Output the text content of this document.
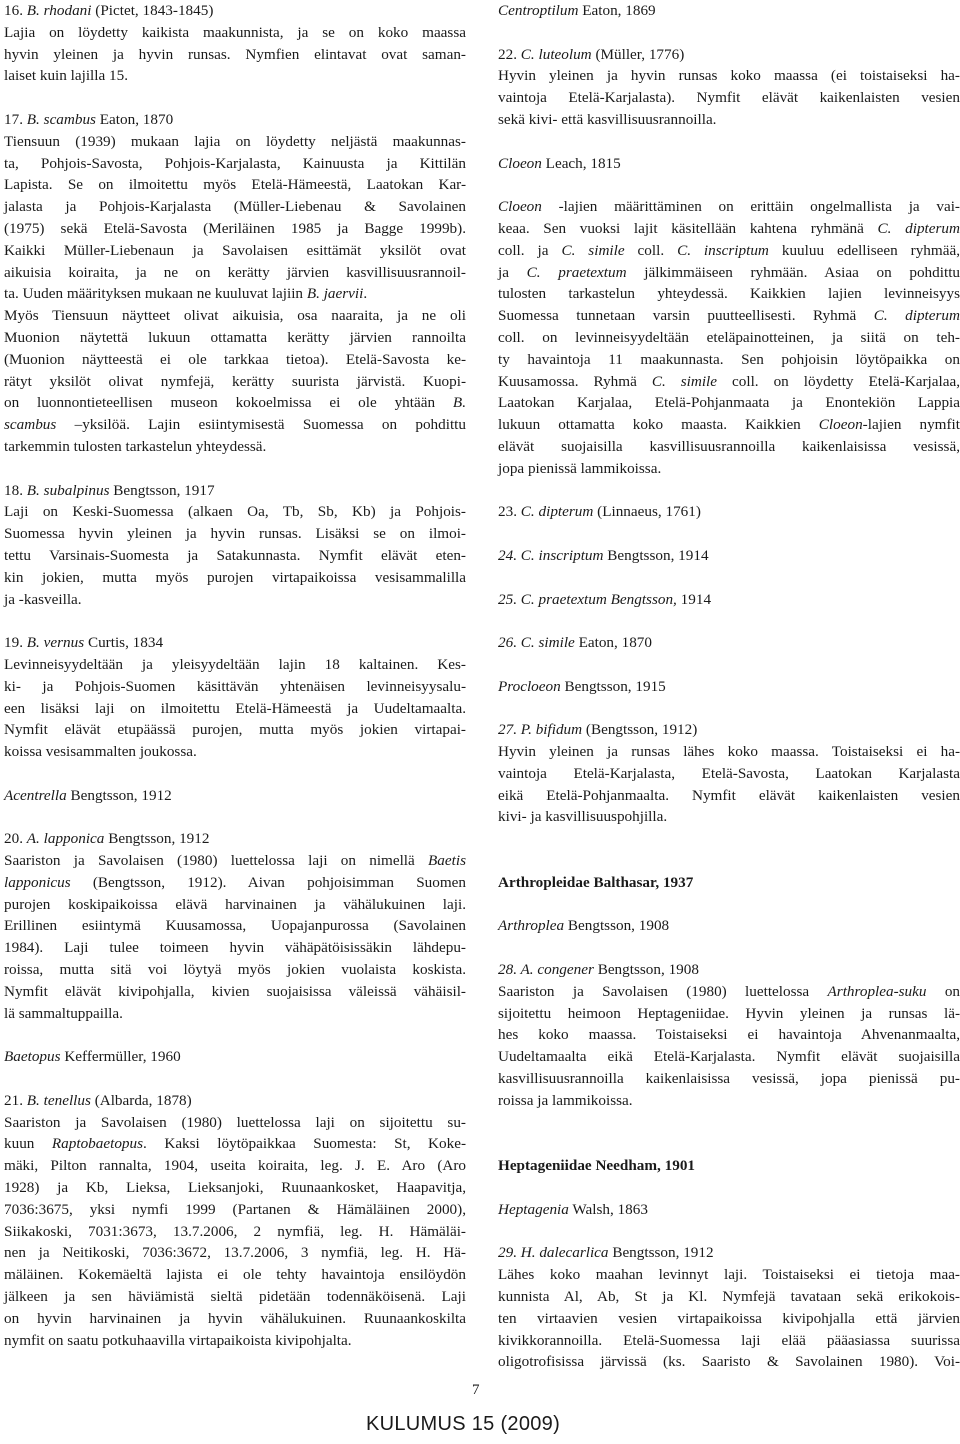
16. B. rhodani (Pictet, 1843-1845)
Lajia on löydetty kaikista maakunnista, ja se on koko maassa
hyvin yleinen ja hyvin runsas. Nymfien elintavat ovat saman-
laiset kuin lajilla 15.
17. B. scambus Eaton, 1870
Tiensuun (1939) mukaan lajia on löydetty neljästä maakunnas-
ta, Pohjois-Savosta, Pohjois-Karjalasta, Kainuusta ja Kittilän
Lapista. Se on ilmoitettu myös Etelä-Hämeestä, Laatokan Kar-
jalasta ja Pohjois-Karjalasta (Müller-Liebenau & Savolainen
(1975) sekä Etelä-Savosta (Meriläinen 1985 ja Bagge 1999b).
Kaikki Müller-Liebenaun ja Savolaisen esittämät yksilöt ovat
aikuisia koiraita, ja ne on kerätty järvien kasvillisuusrannoil-
ta. Uuden määrityksen mukaan ne kuuluvat lajiin B. jaervii.
Myös Tiensuun näytteet olivat aikuisia, osa naaraita, ja ne oli
Muonion näytettä lukuun ottamatta kerätty järvien rannoilta
(Muonion näytteestä ei ole tarkkaa tietoa). Etelä-Savosta ke-
rätyt yksilöt olivat nymfejä, kerätty suurista järvistä. Kuopi-
on luonnontieteellisen museon kokoelmissa ei ole yhtään B.
scambus –yksilöä. Lajin esiintymisestä Suomessa on pohdittu
tarkemmin tulosten tarkastelun yhteydessä.
18. B. subalpinus Bengtsson, 1917
Laji on Keski-Suomessa (alkaen Oa, Tb, Sb, Kb) ja Pohjois-
Suomessa hyvin yleinen ja hyvin runsas. Lisäksi se on ilmoi-
tettu Varsinais-Suomesta ja Satakunnasta. Nymfit elävät eten-
kin jokien, mutta myös purojen virtapaikoissa vesisammalilla
ja -kasveilla.
19. B. vernus Curtis, 1834
Levinneisyydeltään ja yleisyydeltään lajin 18 kaltainen. Kes-
ki- ja Pohjois-Suomen käsittävän yhtenäisen levinneisyysalu-
een lisäksi laji on ilmoitettu Etelä-Hämeestä ja Uudeltamaalta.
Nymfit elävät etupäässä purojen, mutta myös jokien virtapai-
koissa vesisammalten joukossa.
Acentrella Bengtsson, 1912
20. A. lapponica Bengtsson, 1912
Saariston ja Savolaisen (1980) luettelossa laji on nimellä Baetis
lapponicus (Bengtsson, 1912). Aivan pohjoisimman Suomen
purojen koskipaikoissa elävä harvinainen ja vähälukuinen laji.
Erillinen esiintymä Kuusamossa, Uopajanpurossa (Savolainen
1984). Laji tulee toimeen hyvin vähäpätöisissäkin lähdepu-
roissa, mutta sitä voi löytyä myös jokien vuolaista koskista.
Nymfit elävät kivipohjalla, kivien suojaisissa väleissä vähäisil-
lä sammaltuppailla.
Baetopus Keffermüller, 1960
21. B. tenellus (Albarda, 1878)
Saariston ja Savolaisen (1980) luettelossa laji on sijoitettu su-
kuun Raptobaetopus. Kaksi löytöpaikkaa Suomesta: St, Koke-
mäki, Pilton rannalta, 1904, useita koiraita, leg. J. E. Aro (Aro
1928) ja Kb, Lieksa, Lieksanjoki, Ruunaankosket, Haapavitja,
7036:3675, yksi nymfi 1999 (Partanen & Hämäläinen 2000),
Siikakoski, 7031:3673, 13.7.2006, 2 nymfiä, leg. H. Hämäläi-
nen ja Neitikoski, 7036:3672, 13.7.2006, 3 nymfiä, leg. H. Hä-
mäläinen. Kokemäeltä lajista ei ole tehty havaintoja ensilöydön
jälkeen ja sen häviämistä sieltä pidetään todennäköisenä. Laji
on hyvin harvinainen ja hyvin vähälukuinen. Ruunaankoskilta
nymfit on saatu potkuhaavilla virtapaikoista kivipohjalta.
Centroptilum Eaton, 1869
22. C. luteolum (Müller, 1776)
Hyvin yleinen ja hyvin runsas koko maassa (ei toistaiseksi ha-
vaintoja Etelä-Karjalasta). Nymfit elävät kaikenlaisten vesien
sekä kivi- että kasvillisuusrannoilla.
Cloeon Leach, 1815
Cloeon -lajien määrittäminen on erittäin ongelmallista ja vai-
keaa. Sen vuoksi lajit käsitellään kahtena ryhmänä C. dipterum
coll. ja C. simile coll. C. inscriptum kuuluu edelliseen ryhmää,
ja C. praetextum jälkimmäiseen ryhmään. Asiaa on pohdittu
tulosten tarkastelun yhteydessä. Kaikkien lajien levinneisyys
Suomessa tunnetaan varsin puutteellisesti. Ryhmä C. dipterum
coll. on levinneisyydeltään eteläpainotteinen, ja siitä on teh-
ty havaintoja 11 maakunnasta. Sen pohjoisin löytöpaikka on
Kuusamossa. Ryhmä C. simile coll. on löydetty Etelä-Karjalaa,
Laatokan Karjalaa, Etelä-Pohjanmaata ja Enontekiön Lappia
lukuun ottamatta koko maasta. Kaikkien Cloeon-lajien nymfit
elävät suojaisilla kasvillisuusrannoilla kaikenlaisissa vesissä,
jopa pienissä lammikoissa.
23. C. dipterum (Linnaeus, 1761)
24. C. inscriptum Bengtsson, 1914
25. C. praetextum Bengtsson, 1914
26. C. simile Eaton, 1870
Procloeon Bengtsson, 1915
27. P. bifidum (Bengtsson, 1912)
Hyvin yleinen ja runsas lähes koko maassa. Toistaiseksi ei ha-
vaintoja Etelä-Karjalasta, Etelä-Savosta, Laatokan Karjalasta
eikä Etelä-Pohjanmaalta. Nymfit elävät kaikenlaisten vesien
kivi- ja kasvillisuuspohjilla.
Arthropleidae Balthasar, 1937
Arthroplea Bengtsson, 1908
28. A. congener Bengtsson, 1908
Saariston ja Savolaisen (1980) luettelossa Arthroplea-suku on
sijoitettu heimoon Heptageniidae. Hyvin yleinen ja runsas lä-
hes koko maassa. Toistaiseksi ei havaintoja Ahvenanmaalta,
Uudeltamaalta eikä Etelä-Karjalasta. Nymfit elävät suojaisilla
kasvillisuusrannoilla kaikenlaisissa vesissä, jopa pienissä pu-
roissa ja lammikoissa.
Heptageniidae Needham, 1901
Heptagenia Walsh, 1863
29. H. dalecarlica Bengtsson, 1912
Lähes koko maahan levinnyt laji. Toistaiseksi ei tietoja maa-
kunnista Al, Ab, St ja Kl. Nymfejä tavataan sekä erikokois-
ten virtaavien vesien virtapaikoissa kivipohjalla että järvien
kivikkorannoilla. Etelä-Suomessa laji elää pääasiassa suurissa
oligotrofisissa järvissä (ks. Saaristo & Savolainen 1980). Voi-
7
KULUMUS 15 (2009)
